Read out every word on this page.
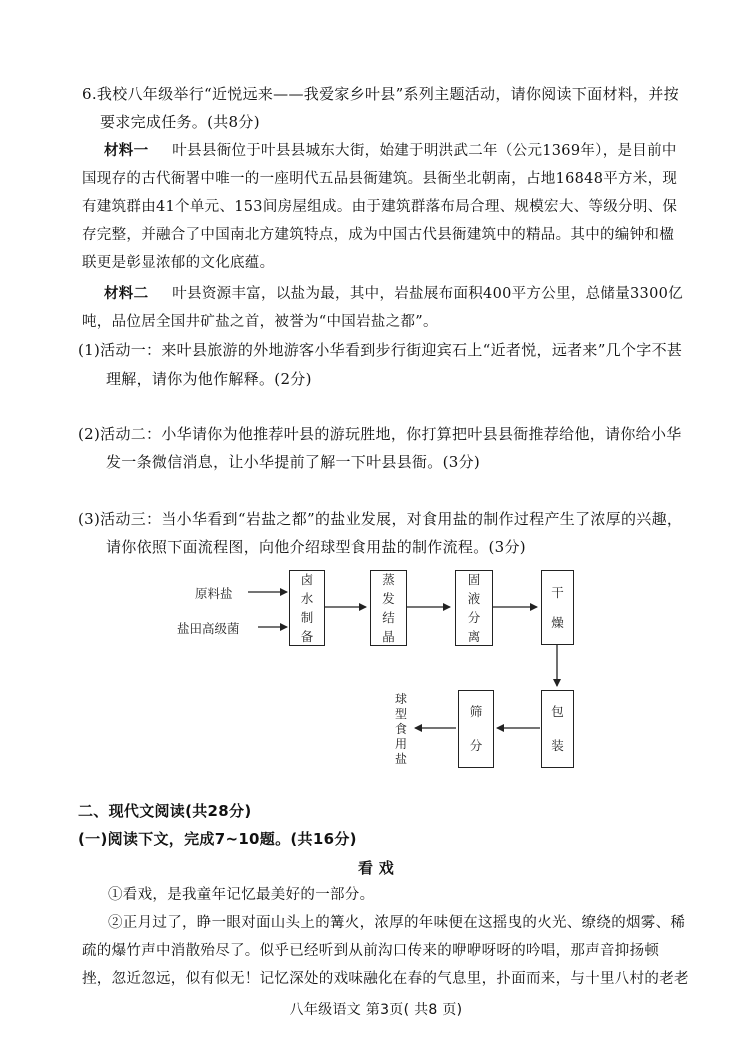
6.我校八年级举行“近悦远来——我爱家乡叶县”系列主题活动，请你阅读下面材料，并按
要求完成任务。(共8分)
材料一 叶县县衙位于叶县县城东大街，始建于明洪武二年（公元1369年），是目前中
国现存的古代衙署中唯一的一座明代五品县衙建筑。县衙坐北朝南，占地16848平方米，现
有建筑群由41个单元、153间房屋组成。由于建筑群落布局合理、规模宏大、等级分明、保
存完整，并融合了中国南北方建筑特点，成为中国古代县衙建筑中的精品。其中的编钟和楹
联更是彰显浓郁的文化底蕴。
材料二 叶县资源丰富，以盐为最，其中，岩盐展布面积400平方公里，总储量3300亿
吨，品位居全国井矿盐之首，被誉为“中国岩盐之都”。
(1)活动一：来叶县旅游的外地游客小华看到步行街迎宾石上“近者悦，远者来”几个字不甚
理解，请你为他作解释。(2分)
(2)活动二：小华请你为他推荐叶县的游玩胜地，你打算把叶县县衙推荐给他，请你给小华
发一条微信消息，让小华提前了解一下叶县县衙。(3分)
(3)活动三：当小华看到“岩盐之都”的盐业发展，对食用盐的制作过程产生了浓厚的兴趣，
请你依照下面流程图，向他介绍球型食用盐的制作流程。(3分)
原料盐
盐田高级菌
卤
水
制
备
蒸
发
结
晶
固
液
分
离
干
燥
包
装
筛
分
球
型
食
用
盐
二、现代文阅读(共28分)
(一)阅读下文，完成7~10题。(共16分)
看 戏
①看戏，是我童年记忆最美好的一部分。
②正月过了，睁一眼对面山头上的篝火，浓厚的年味便在这摇曳的火光、缭绕的烟雾、稀
疏的爆竹声中消散殆尽了。似乎已经听到从前沟口传来的咿咿呀呀的吟唱，那声音抑扬顿
挫，忽近忽远，似有似无！记忆深处的戏味融化在春的气息里，扑面而来，与十里八村的老老
八年级语文 第3页( 共8 页)
